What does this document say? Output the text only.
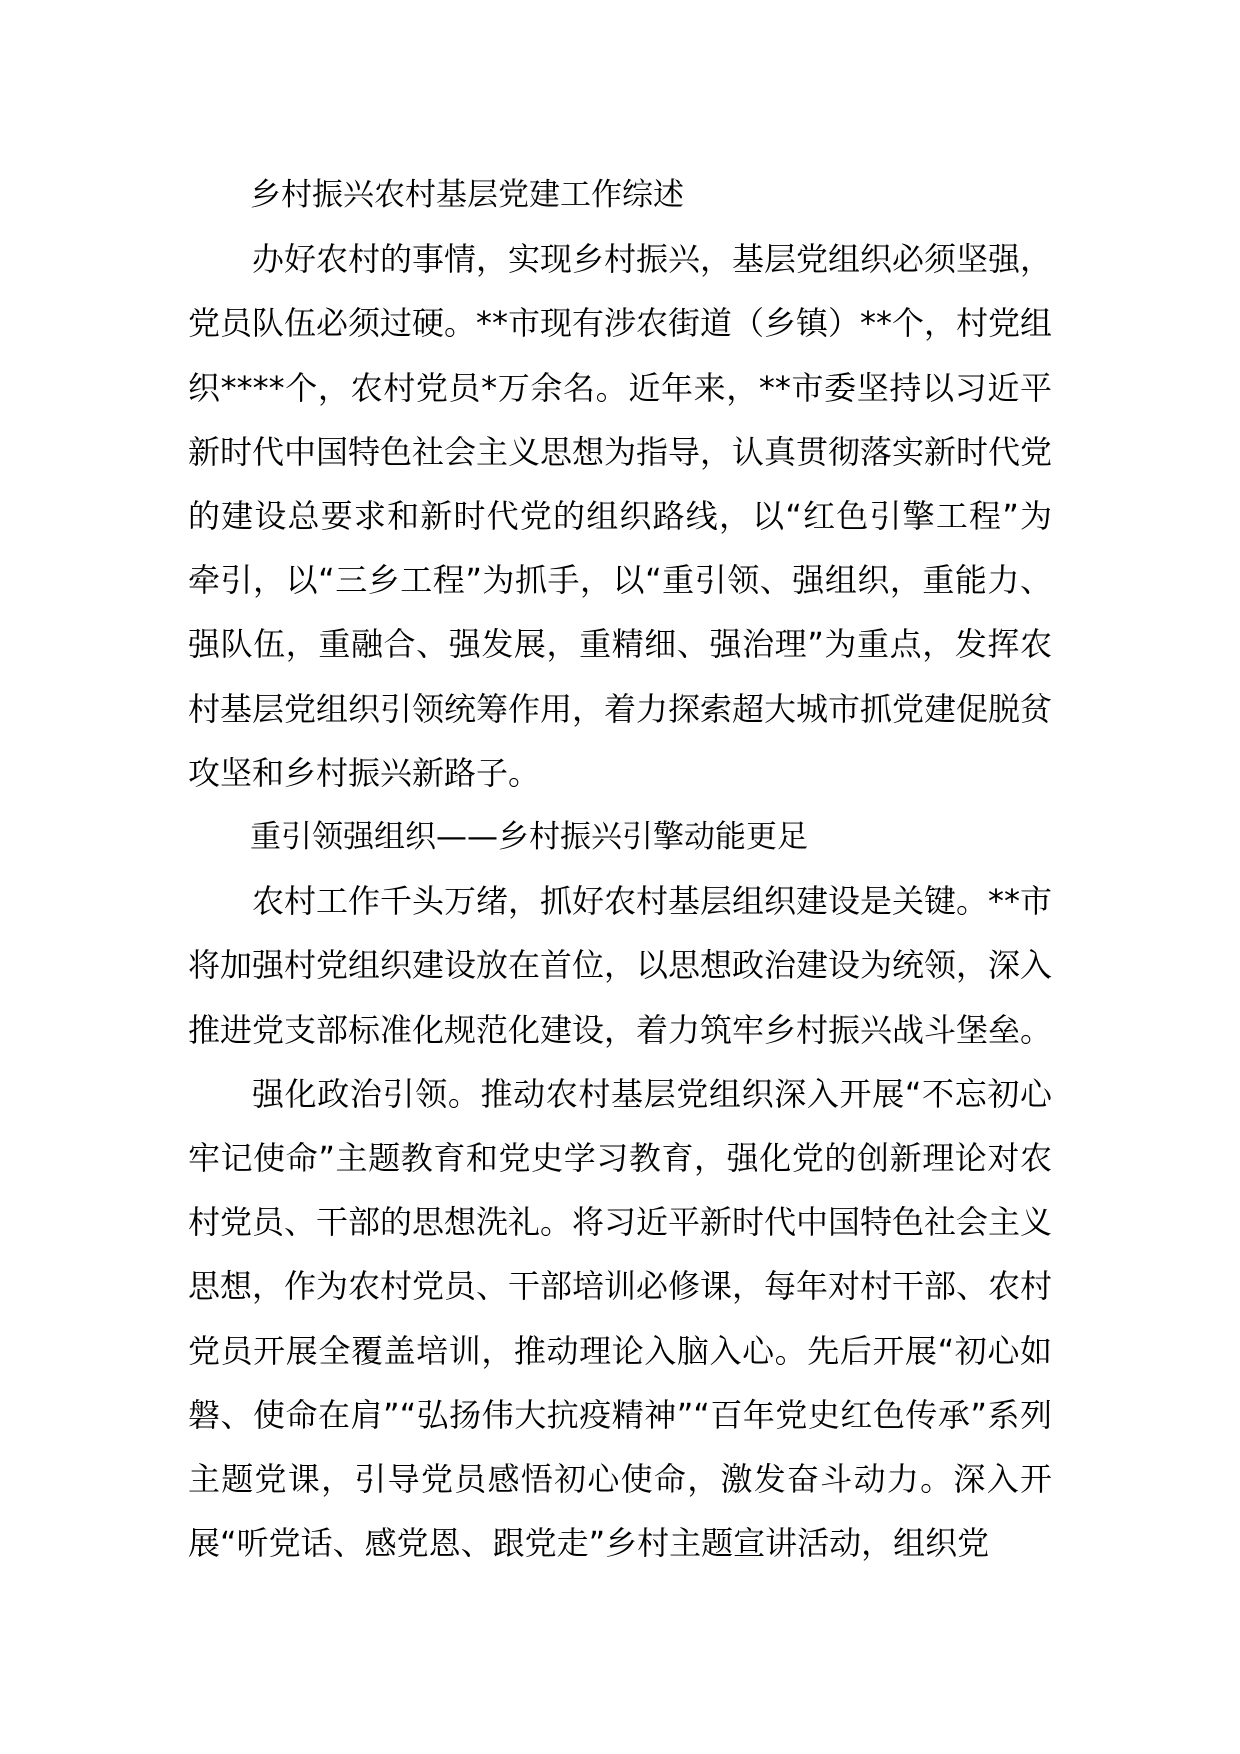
乡村振兴农村基层党建工作综述

办好农村的事情，实现乡村振兴，基层党组织必须坚强，党员队伍必须过硬。**市现有涉农街道（乡镇）**个，村党组织****个，农村党员*万余名。近年来，**市委坚持以习近平新时代中国特色社会主义思想为指导，认真贯彻落实新时代党的建设总要求和新时代党的组织路线，以“红色引擎工程”为牵引，以“三乡工程”为抓手，以“重引领、强组织，重能力、强队伍，重融合、强发展，重精细、强治理”为重点，发挥农村基层党组织引领统筹作用，着力探索超大城市抓党建促脱贫攻坚和乡村振兴新路子。

重引领强组织——乡村振兴引擎动能更足

农村工作千头万绪，抓好农村基层组织建设是关键。**市将加强村党组织建设放在首位，以思想政治建设为统领，深入推进党支部标准化规范化建设，着力筑牢乡村振兴战斗堡垒。

强化政治引领。推动农村基层党组织深入开展“不忘初心牢记使命”主题教育和党史学习教育，强化党的创新理论对农村党员、干部的思想洗礼。将习近平新时代中国特色社会主义思想，作为农村党员、干部培训必修课，每年对村干部、农村党员开展全覆盖培训，推动理论入脑入心。先后开展“初心如磐、使命在肩”“弘扬伟大抗疫精神”“百年党史红色传承”系列主题党课，引导党员感悟初心使命，激发奋斗动力。深入开展“听党话、感党恩、跟党走”乡村主题宣讲活动，组织党
